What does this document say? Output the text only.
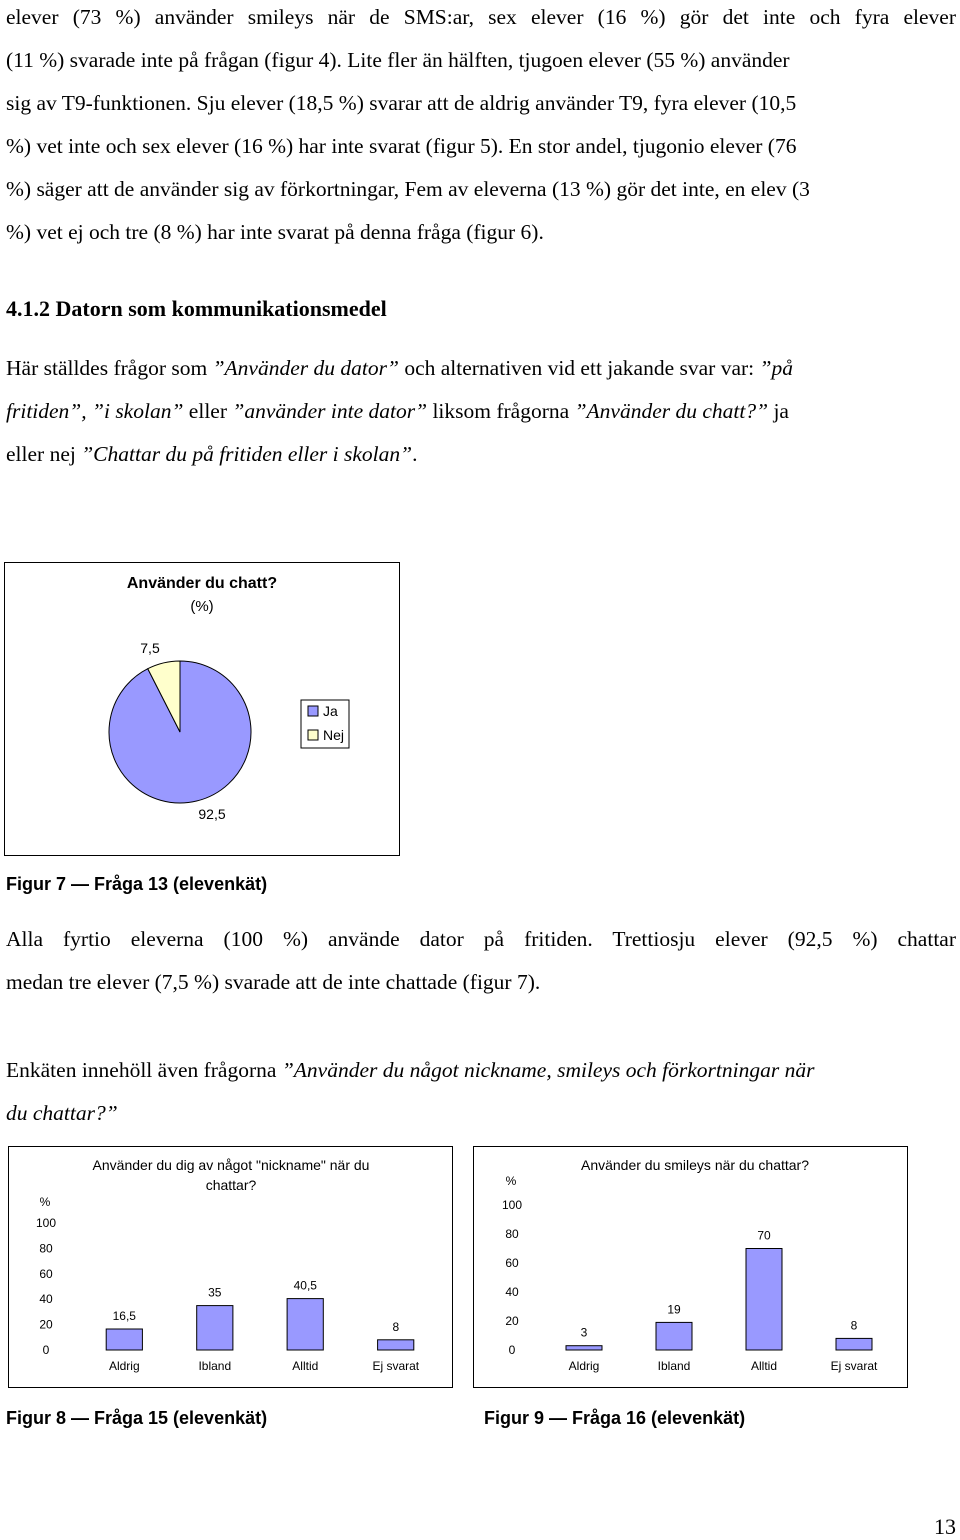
elever (73 %) använder smileys när de SMS:ar, sex elever (16 %) gör det inte och fyra elever
(11 %) svarade inte på frågan (figur 4). Lite fler än hälften, tjugoen elever (55 %) använder
sig av T9-funktionen. Sju elever (18,5 %) svarar att de aldrig använder T9, fyra elever (10,5
%) vet inte och sex elever (16 %) har inte svarat (figur 5). En stor andel, tjugonio elever (76
%) säger att de använder sig av förkortningar, Fem av eleverna (13 %) gör det inte, en elev (3
%) vet ej och tre (8 %) har inte svarat på denna fråga (figur 6).
4.1.2 Datorn som kommunikationsmedel
Här ställdes frågor som ”Använder du dator” och alternativen vid ett jakande svar var: ”på
fritiden”, ”i skolan” eller ”använder inte dator” liksom frågorna ”Använder du chatt?” ja
eller nej ”Chattar du på fritiden eller i skolan”.
Använder du chatt?
(%)
7,5
92,5
Ja
Nej
Figur 7 — Fråga 13 (elevenkät)
Alla fyrtio eleverna (100 %) använde dator på fritiden. Trettiosju elever (92,5 %) chattar
medan tre elever (7,5 %) svarade att de inte chattade (figur 7).
Enkäten innehöll även frågorna ”Använder du något nickname, smileys och förkortningar när
du chattar?”
Använder du dig av något "nickname" när du
chattar?
%
0
20
40
60
80
100
16,5
Aldrig
35
Ibland
40,5
Alltid
8
Ej svarat
Använder du smileys när du chattar?
%
0
20
40
60
80
100
3
Aldrig
19
Ibland
70
Alltid
8
Ej svarat
Figur 8 — Fråga 15 (elevenkät)	Figur 9 — Fråga 16 (elevenkät)
13
